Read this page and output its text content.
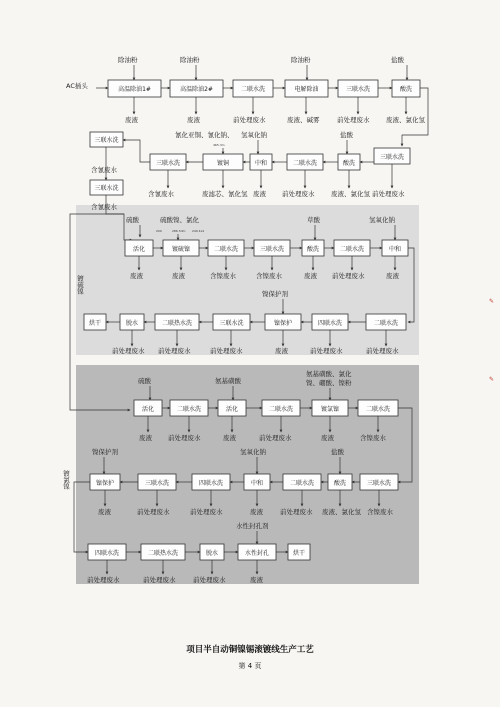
AC插头
除油粉	除油粉	除油粉	盐酸
高温除油1#	高温除油2#	二联水洗	电解除油	三联水洗	酸洗
废液	废液	前处理废水	废液、碱雾	前处理废水	废液、氯化氢
氰化亚铜、氰化钠、 氢氧化钠	盐酸
465 dm
三联水洗
三联水洗
三联水洗	镀铜	中和	二联水洗	酸洗
三联水洗
含氰废水
含氰废水	废滤芯、氰化氢 废液 前处理废水	废液、氯化氢 前处理废水
含氰废水
镀硫镍
硫酸	硫酸镍、氯化	草酸	氢氧化钠
200	286 3dm 249 4x2
活化	镀硫镍	二联水洗	三联水洗	酸洗	二联水洗	中和
废液	废液	含镍废水	含镍废水	废液 前处理废水	废液
镍保护剂
烘干	脱水	二联热水洗	三联水洗	镍保护	四联水洗	二联水洗
前处理废水 前处理废水	前处理废水	废液	前处理废水	前处理废水
镀氯镍
硫酸	氨基磺酸
氨基磺酸、氯化
镍、硼酸、镍粉
活化	二联水洗	活化	二联水洗	镀氯镍	二联水洗
废液 前处理废水	废液	前处理废水	废液	含镍废水
镍保护剂	氢氧化钠	盐酸
镍保护	三联水洗	四联水洗	中和	二联水洗	酸洗	三联水洗
废液	前处理废水	前处理废水	废液	前处理废水 废液、氯化氢 含镍废水
水性封孔剂
四联水洗	二联热水洗	脱水	水性封孔	烘干
前处理废水	前处理废水	前处理废水	废液
项目半自动铜镍锡滚镀线生产工艺
第 4 页
✎
✎
